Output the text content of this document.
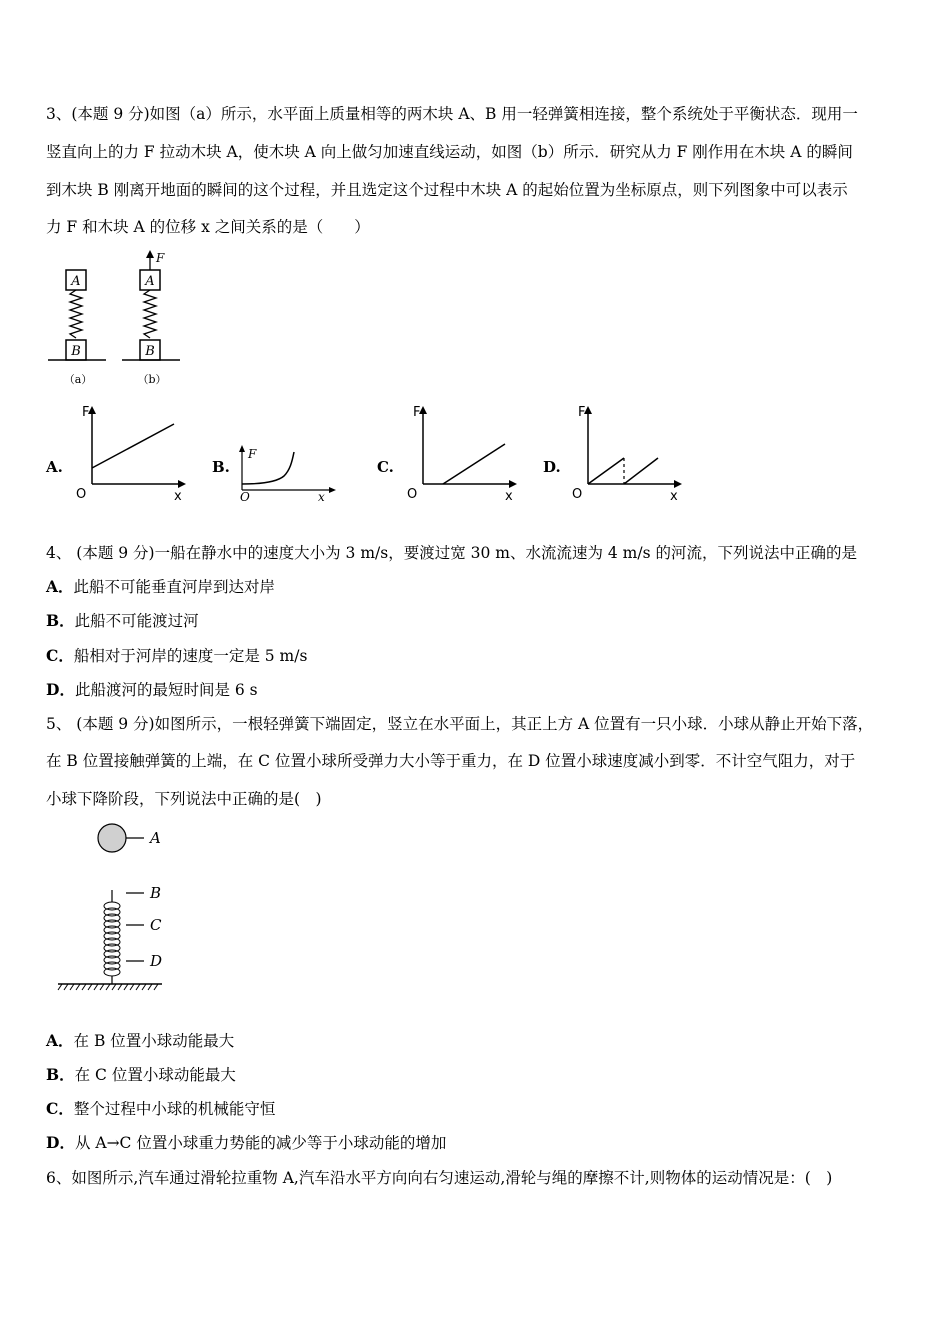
3、(本题 9 分)如图（a）所示，水平面上质量相等的两木块 A、B 用一轻弹簧相连接，整个系统处于平衡状态．现用一
竖直向上的力 F 拉动木块 A，使木块 A 向上做匀加速直线运动，如图（b）所示．研究从力 F 刚作用在木块 A 的瞬间
到木块 B 刚离开地面的瞬间的这个过程，并且选定这个过程中木块 A 的起始位置为坐标原点，则下列图象中可以表示
力 F 和木块 A 的位移 x 之间关系的是（　　）
A
B
（a）
F
A
B
（b）
A.
F
O	x
B.
F
O	x
C.
F
O	x
D.
F
O	x
4、 (本题 9 分)一船在静水中的速度大小为 3 m/s，要渡过宽 30 m、水流流速为 4 m/s 的河流，下列说法中正确的是
A．此船不可能垂直河岸到达对岸
B．此船不可能渡过河
C．船相对于河岸的速度一定是 5 m/s
D．此船渡河的最短时间是 6 s
5、 (本题 9 分)如图所示，一根轻弹簧下端固定，竖立在水平面上，其正上方 A 位置有一只小球．小球从静止开始下落，
在 B 位置接触弹簧的上端，在 C 位置小球所受弹力大小等于重力，在 D 位置小球速度减小到零．不计空气阻力，对于
小球下降阶段，下列说法中正确的是(　)
A
B
C
D
A．在 B 位置小球动能最大
B．在 C 位置小球动能最大
C．整个过程中小球的机械能守恒
D．从 A→C 位置小球重力势能的减少等于小球动能的增加
6、如图所示,汽车通过滑轮拉重物 A,汽车沿水平方向向右匀速运动,滑轮与绳的摩擦不计,则物体的运动情况是：(　)
